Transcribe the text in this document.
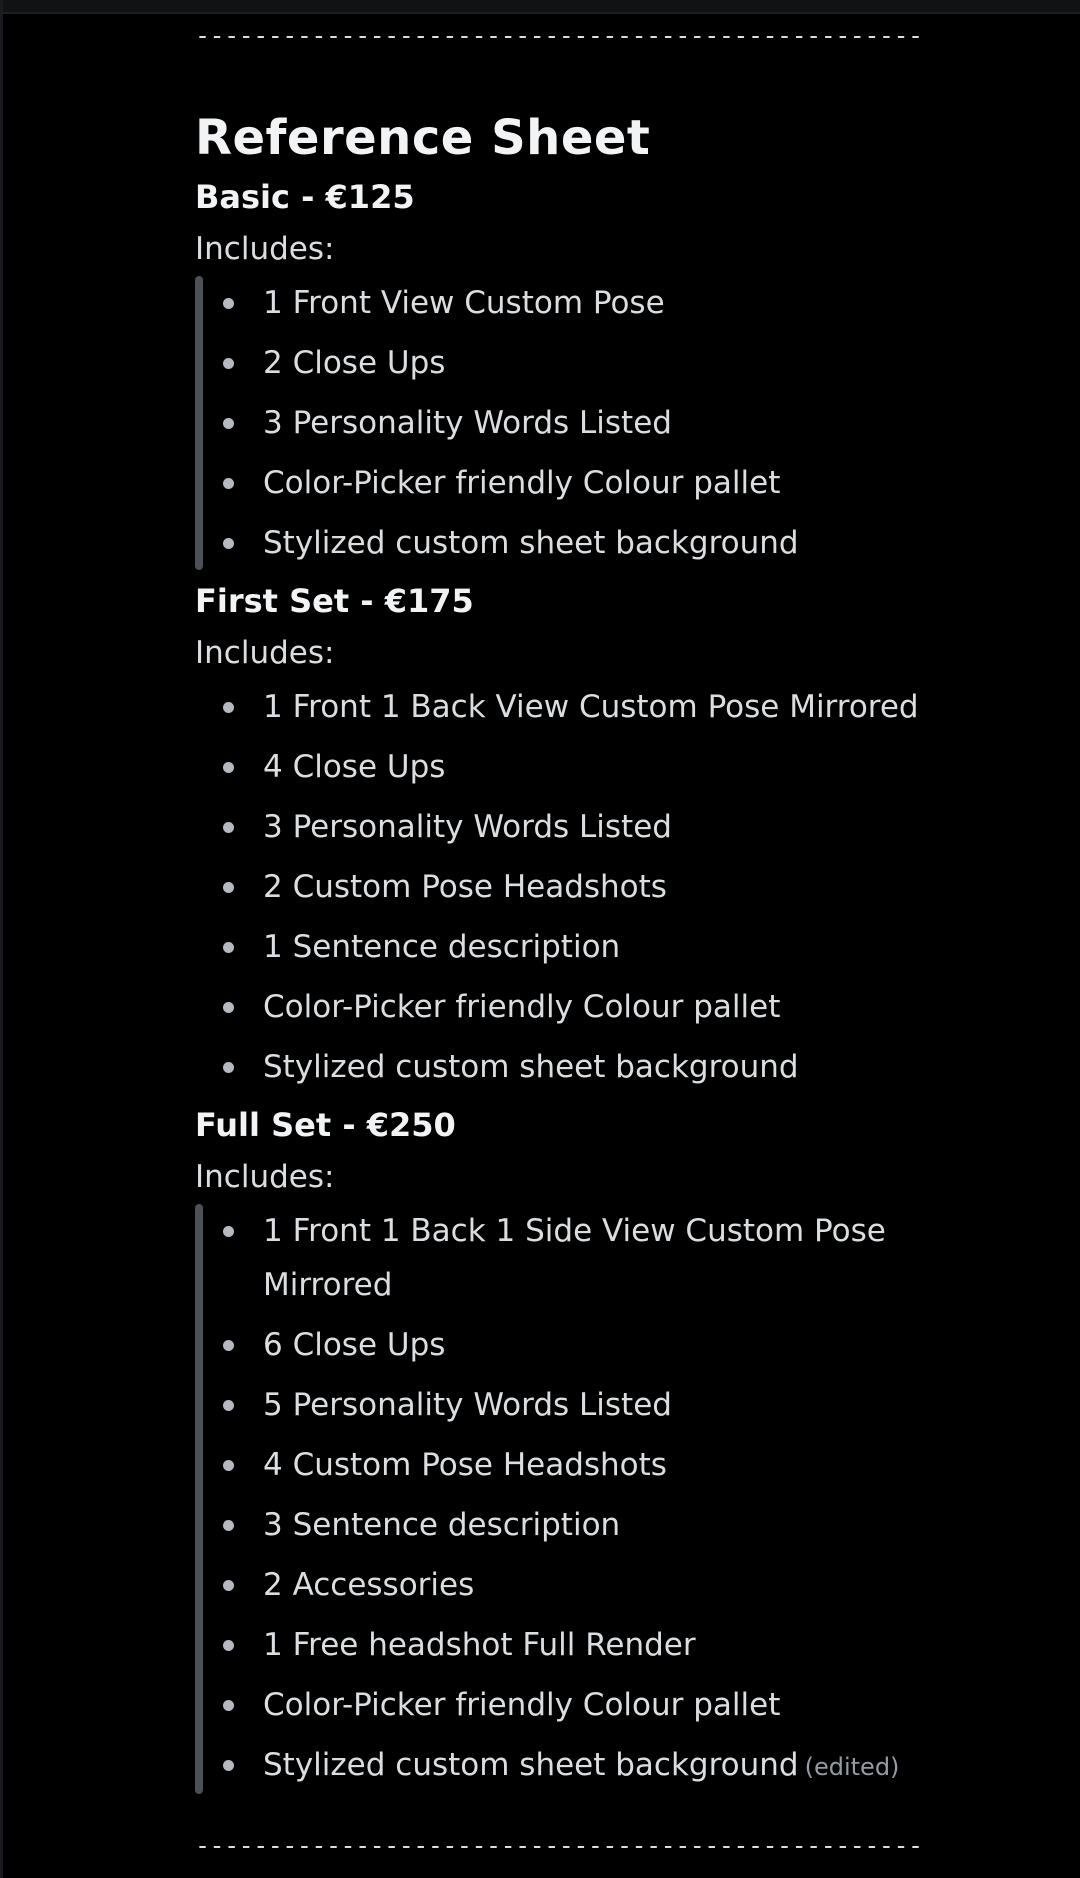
--------------------------------------------------
Reference Sheet
Basic - €125
Includes:
1 Front View Custom Pose
2 Close Ups
3 Personality Words Listed
Color-Picker friendly Colour pallet
Stylized custom sheet background
First Set - €175
Includes:
1 Front 1 Back View Custom Pose Mirrored
4 Close Ups
3 Personality Words Listed
2 Custom Pose Headshots
1 Sentence description
Color-Picker friendly Colour pallet
Stylized custom sheet background
Full Set - €250
Includes:
1 Front 1 Back 1 Side View Custom Pose Mirrored
6 Close Ups
5 Personality Words Listed
4 Custom Pose Headshots
3 Sentence description
2 Accessories
1 Free headshot Full Render
Color-Picker friendly Colour pallet
Stylized custom sheet background (edited)
--------------------------------------------------
